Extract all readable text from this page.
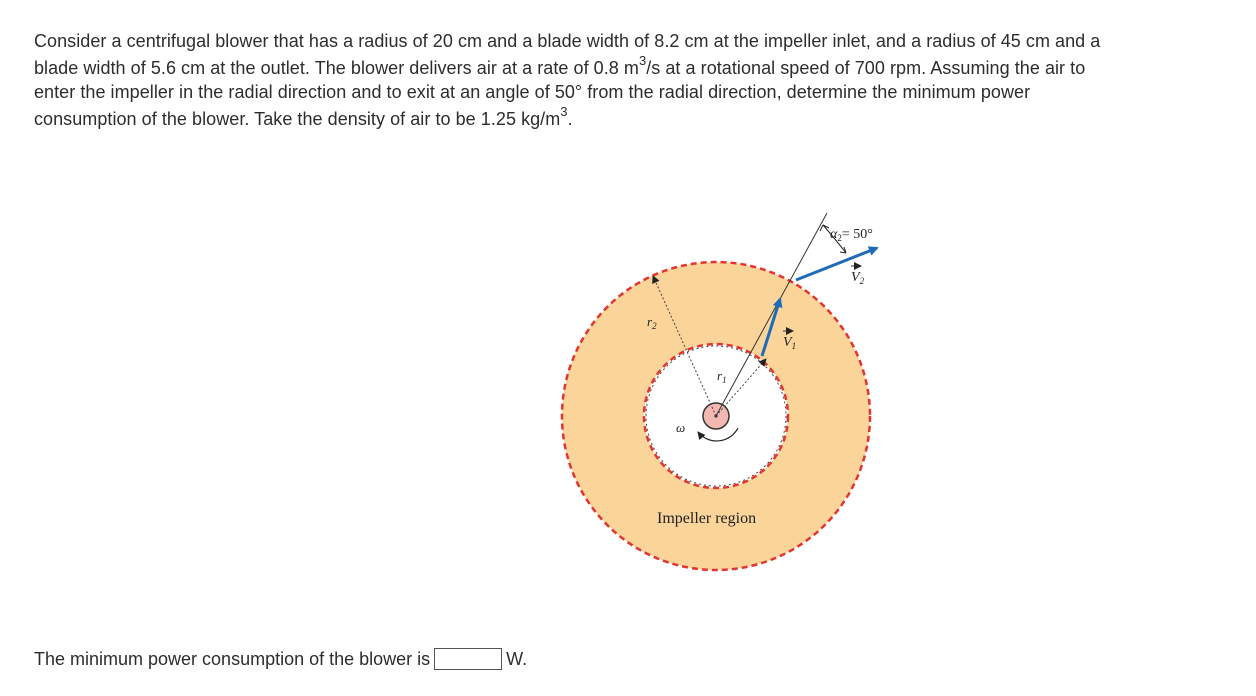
Consider a centrifugal blower that has a radius of 20 cm and a blade width of 8.2 cm at the impeller inlet, and a radius of 45 cm and a
blade width of 5.6 cm at the outlet. The blower delivers air at a rate of 0.8 $m^3/s$ at a rotational speed of 700 rpm. Assuming the air to
enter the impeller in the radial direction and to exit at an angle of 50° from the radial direction, determine the minimum power
consumption of the blower. Take the density of air to be 1.25 $kg/m^3$.
ω
$r_2$
$r_1$
$V_1$
$V_2$
$\alpha_2= 50^\circ$
Impeller region
The minimum power consumption of the blower is	W.
